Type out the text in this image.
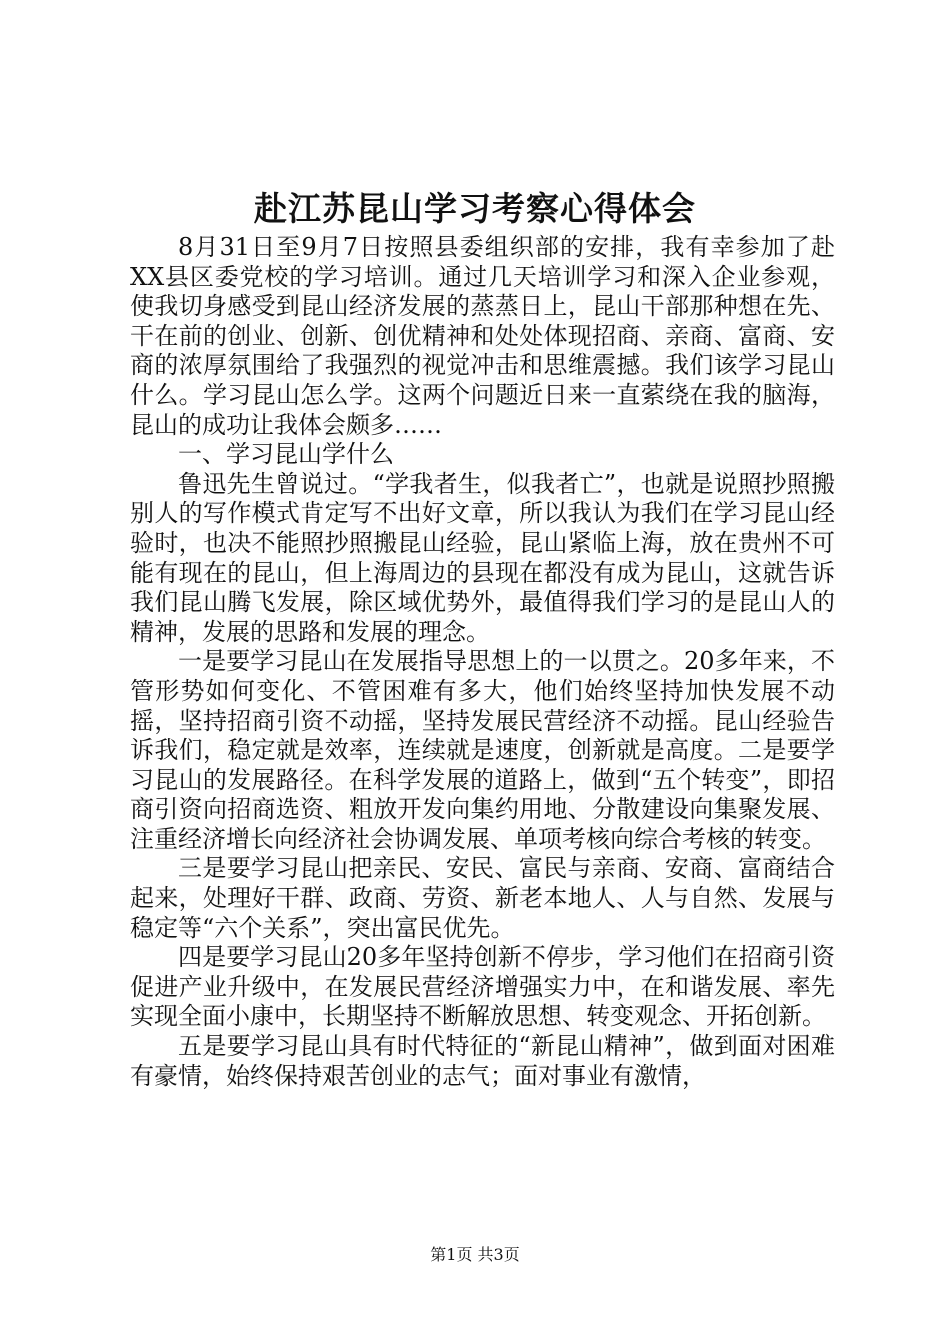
赴江苏昆山学习考察心得体会

8月31日至9月7日按照县委组织部的安排，我有幸参加了赴XX县区委党校的学习培训。通过几天培训学习和深入企业参观，使我切身感受到昆山经济发展的蒸蒸日上，昆山干部那种想在先、干在前的创业、创新、创优精神和处处体现招商、亲商、富商、安商的浓厚氛围给了我强烈的视觉冲击和思维震撼。我们该学习昆山什么。学习昆山怎么学。这两个问题近日来一直萦绕在我的脑海，昆山的成功让我体会颇多……

一、学习昆山学什么

鲁迅先生曾说过。“学我者生，似我者亡”，也就是说照抄照搬别人的写作模式肯定写不出好文章，所以我认为我们在学习昆山经验时，也决不能照抄照搬昆山经验，昆山紧临上海，放在贵州不可能有现在的昆山，但上海周边的县现在都没有成为昆山，这就告诉我们昆山腾飞发展，除区域优势外，最值得我们学习的是昆山人的精神，发展的思路和发展的理念。

一是要学习昆山在发展指导思想上的一以贯之。20多年来，不管形势如何变化、不管困难有多大，他们始终坚持加快发展不动摇，坚持招商引资不动摇，坚持发展民营经济不动摇。昆山经验告诉我们，稳定就是效率，连续就是速度，创新就是高度。二是要学习昆山的发展路径。在科学发展的道路上，做到“五个转变”，即招商引资向招商选资、粗放开发向集约用地、分散建设向集聚发展、注重经济增长向经济社会协调发展、单项考核向综合考核的转变。

三是要学习昆山把亲民、安民、富民与亲商、安商、富商结合起来，处理好干群、政商、劳资、新老本地人、人与自然、发展与稳定等“六个关系”，突出富民优先。

四是要学习昆山20多年坚持创新不停步，学习他们在招商引资促进产业升级中，在发展民营经济增强实力中，在和谐发展、率先实现全面小康中，长期坚持不断解放思想、转变观念、开拓创新。

五是要学习昆山具有时代特征的“新昆山精神”，做到面对困难有豪情，始终保持艰苦创业的志气；面对事业有激情，

第1页 共3页
